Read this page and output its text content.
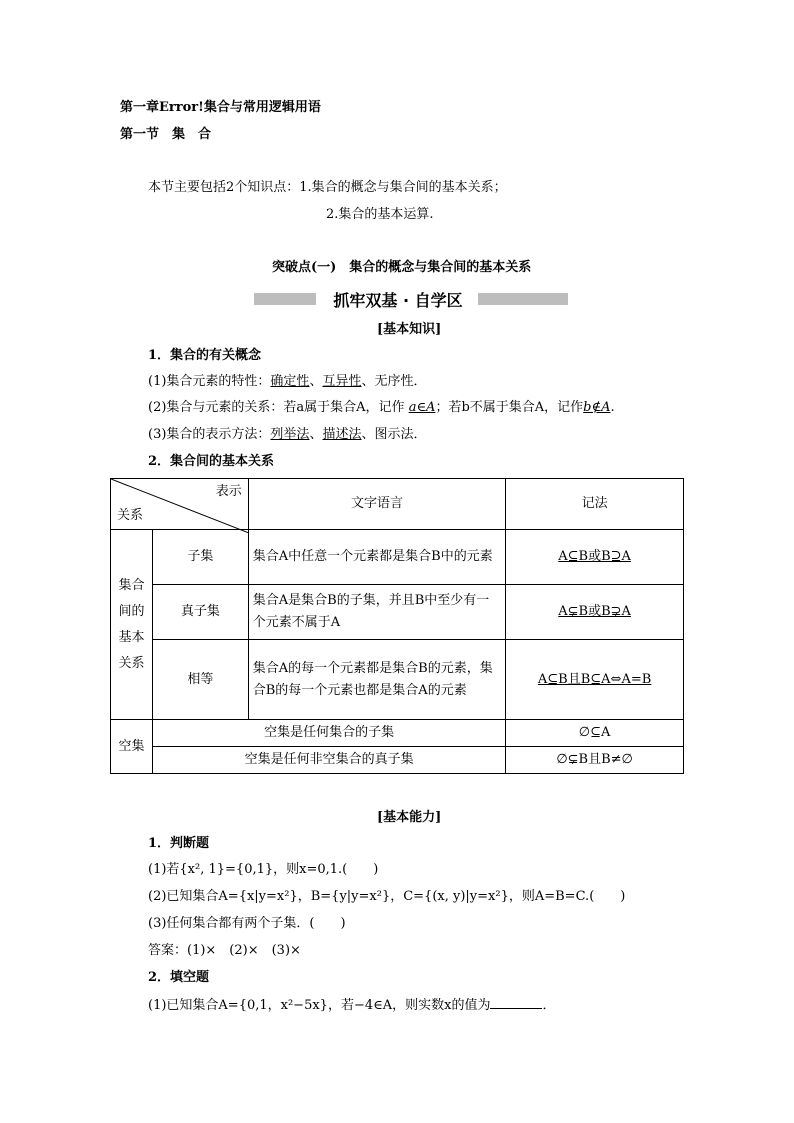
第一章Error!集合与常用逻辑用语
第一节　集　合
本节主要包括2个知识点：1.集合的概念与集合间的基本关系；
2.集合的基本运算.
突破点(一)　集合的概念与集合间的基本关系
抓牢双基 · 自学区
[基本知识]
1．集合的有关概念
(1)集合元素的特性：确定性、互异性、无序性．
(2)集合与元素的关系：若a属于集合A，记作 a∈A；若b不属于集合A，记作b∉A.
(3)集合的表示方法：列举法、描述法、图示法．
2．集合间的基本关系
表示
关系		文字语言	记法
集合间的基本关系	子集	集合A中任意一个元素都是集合B中的元素	A⊆B或B⊇A
	真子集	集合A是集合B的子集，并且B中至少有一个元素不属于A	A⊊B或B⊋A
	相等	集合A的每一个元素都是集合B的元素，集合B的每一个元素也都是集合A的元素	A⊆B且B⊆A⇔A=B
空集	空集是任何集合的子集		∅⊆A
	空集是任何非空集合的真子集		∅⊊B且B≠∅
[基本能力]
1．判断题
(1)若{x², 1}={0,1}，则x=0,1.(　　)
(2)已知集合A={x|y=x²}，B={y|y=x²}，C={(x, y)|y=x²}，则A=B=C.(　　)
(3)任何集合都有两个子集．(　　)
答案：(1)×　(2)×　(3)×
2．填空题
(1)已知集合A={0,1，x²−5x}，若−4∈A，则实数x的值为	．
